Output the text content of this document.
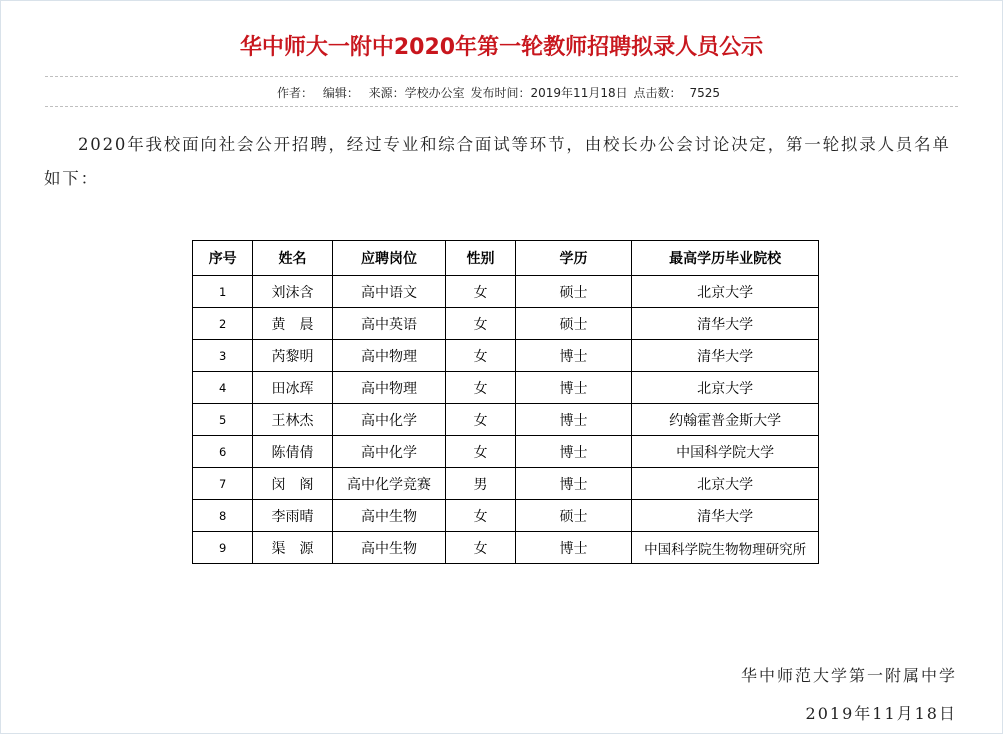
华中师大一附中2020年第一轮教师招聘拟录人员公示
作者： 编辑： 来源：学校办公室 发布时间：2019年11月18日 点击数： 7525

2020年我校面向社会公开招聘，经过专业和综合面试等环节，由校长办公会讨论决定，第一轮拟录人员名单如下：

序号	姓名	应聘岗位	性别	学历	最高学历毕业院校
1	刘沫含	高中语文	女	硕士	北京大学
2	黄　晨	高中英语	女	硕士	清华大学
3	芮黎明	高中物理	女	博士	清华大学
4	田冰珲	高中物理	女	博士	北京大学
5	王林杰	高中化学	女	博士	约翰霍普金斯大学
6	陈倩倩	高中化学	女	博士	中国科学院大学
7	闵　阁	高中化学竞赛	男	博士	北京大学
8	李雨晴	高中生物	女	硕士	清华大学
9	渠　源	高中生物	女	博士	中国科学院生物物理研究所
华中师范大学第一附属中学
2019年11月18日
